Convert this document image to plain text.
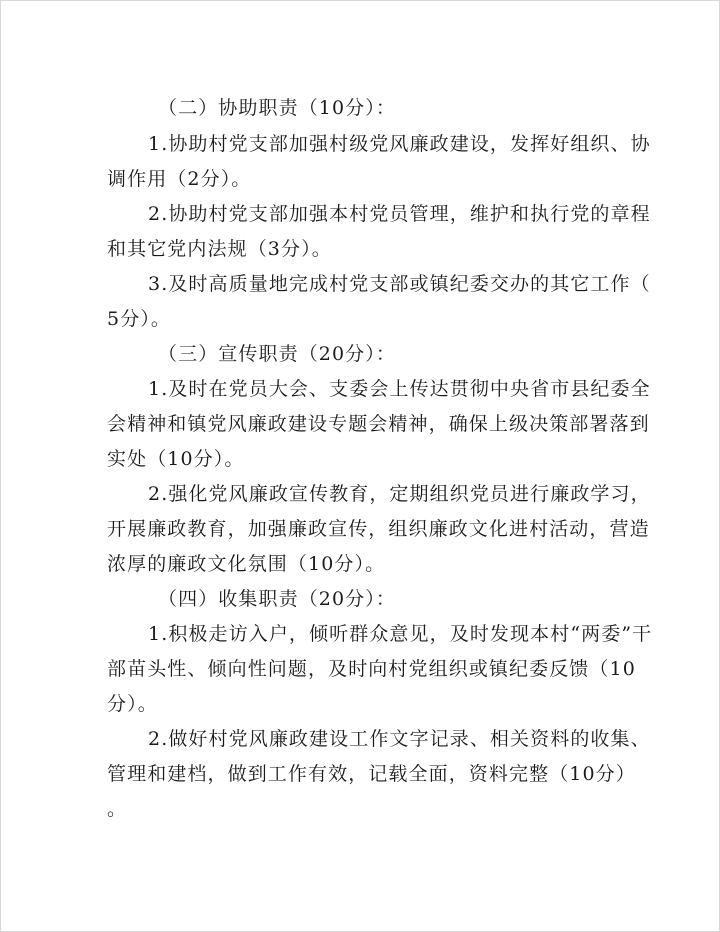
（二）协助职责（10分）：
1.协助村党支部加强村级党风廉政建设，发挥好组织、协
调作用（2分）。
2.协助村党支部加强本村党员管理，维护和执行党的章程
和其它党内法规（3分）。
3.及时高质量地完成村党支部或镇纪委交办的其它工作（
5分）。
（三）宣传职责（20分）：
1.及时在党员大会、支委会上传达贯彻中央省市县纪委全
会精神和镇党风廉政建设专题会精神，确保上级决策部署落到
实处（10分）。
2.强化党风廉政宣传教育，定期组织党员进行廉政学习，
开展廉政教育，加强廉政宣传，组织廉政文化进村活动，营造
浓厚的廉政文化氛围（10分）。
（四）收集职责（20分）：
1.积极走访入户，倾听群众意见，及时发现本村“两委”干
部苗头性、倾向性问题，及时向村党组织或镇纪委反馈（10
分）。
2.做好村党风廉政建设工作文字记录、相关资料的收集、
管理和建档，做到工作有效，记载全面，资料完整（10分）
。
